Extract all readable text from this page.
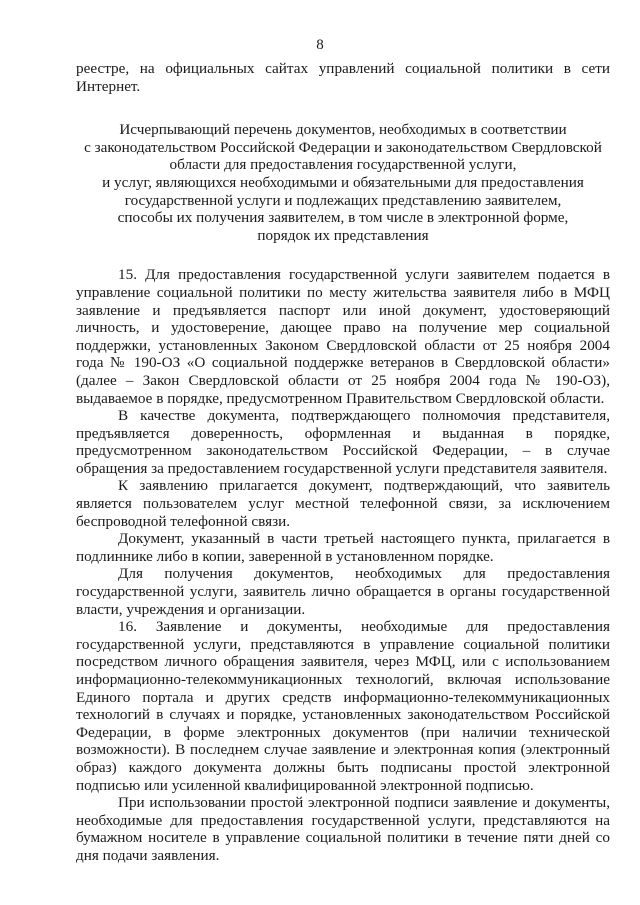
8

реестре, на официальных сайтах управлений социальной политики в сети Интернет.

Исчерпывающий перечень документов, необходимых в соответствии
с законодательством Российской Федерации и законодательством Свердловской
области для предоставления государственной услуги,
и услуг, являющихся необходимыми и обязательными для предоставления
государственной услуги и подлежащих представлению заявителем,
способы их получения заявителем, в том числе в электронной форме,
порядок их представления

15. Для предоставления государственной услуги заявителем подается в управление социальной политики по месту жительства заявителя либо в МФЦ заявление и предъявляется паспорт или иной документ, удостоверяющий личность, и удостоверение, дающее право на получение мер социальной поддержки, установленных Законом Свердловской области от 25 ноября 2004 года № 190-ОЗ «О социальной поддержке ветеранов в Свердловской области» (далее – Закон Свердловской области от 25 ноября 2004 года № 190-ОЗ), выдаваемое в порядке, предусмотренном Правительством Свердловской области.

В качестве документа, подтверждающего полномочия представителя, предъявляется доверенность, оформленная и выданная в порядке, предусмотренном законодательством Российской Федерации, – в случае обращения за предоставлением государственной услуги представителя заявителя.

К заявлению прилагается документ, подтверждающий, что заявитель является пользователем услуг местной телефонной связи, за исключением беспроводной телефонной связи.

Документ, указанный в части третьей настоящего пункта, прилагается в подлиннике либо в копии, заверенной в установленном порядке.

Для получения документов, необходимых для предоставления государственной услуги, заявитель лично обращается в органы государственной власти, учреждения и организации.

16. Заявление и документы, необходимые для предоставления государственной услуги, представляются в управление социальной политики посредством личного обращения заявителя, через МФЦ, или с использованием информационно-телекоммуникационных технологий, включая использование Единого портала и других средств информационно-телекоммуникационных технологий в случаях и порядке, установленных законодательством Российской Федерации, в форме электронных документов (при наличии технической возможности). В последнем случае заявление и электронная копия (электронный образ) каждого документа должны быть подписаны простой электронной подписью или усиленной квалифицированной электронной подписью.

При использовании простой электронной подписи заявление и документы, необходимые для предоставления государственной услуги, представляются на бумажном носителе в управление социальной политики в течение пяти дней со дня подачи заявления.
